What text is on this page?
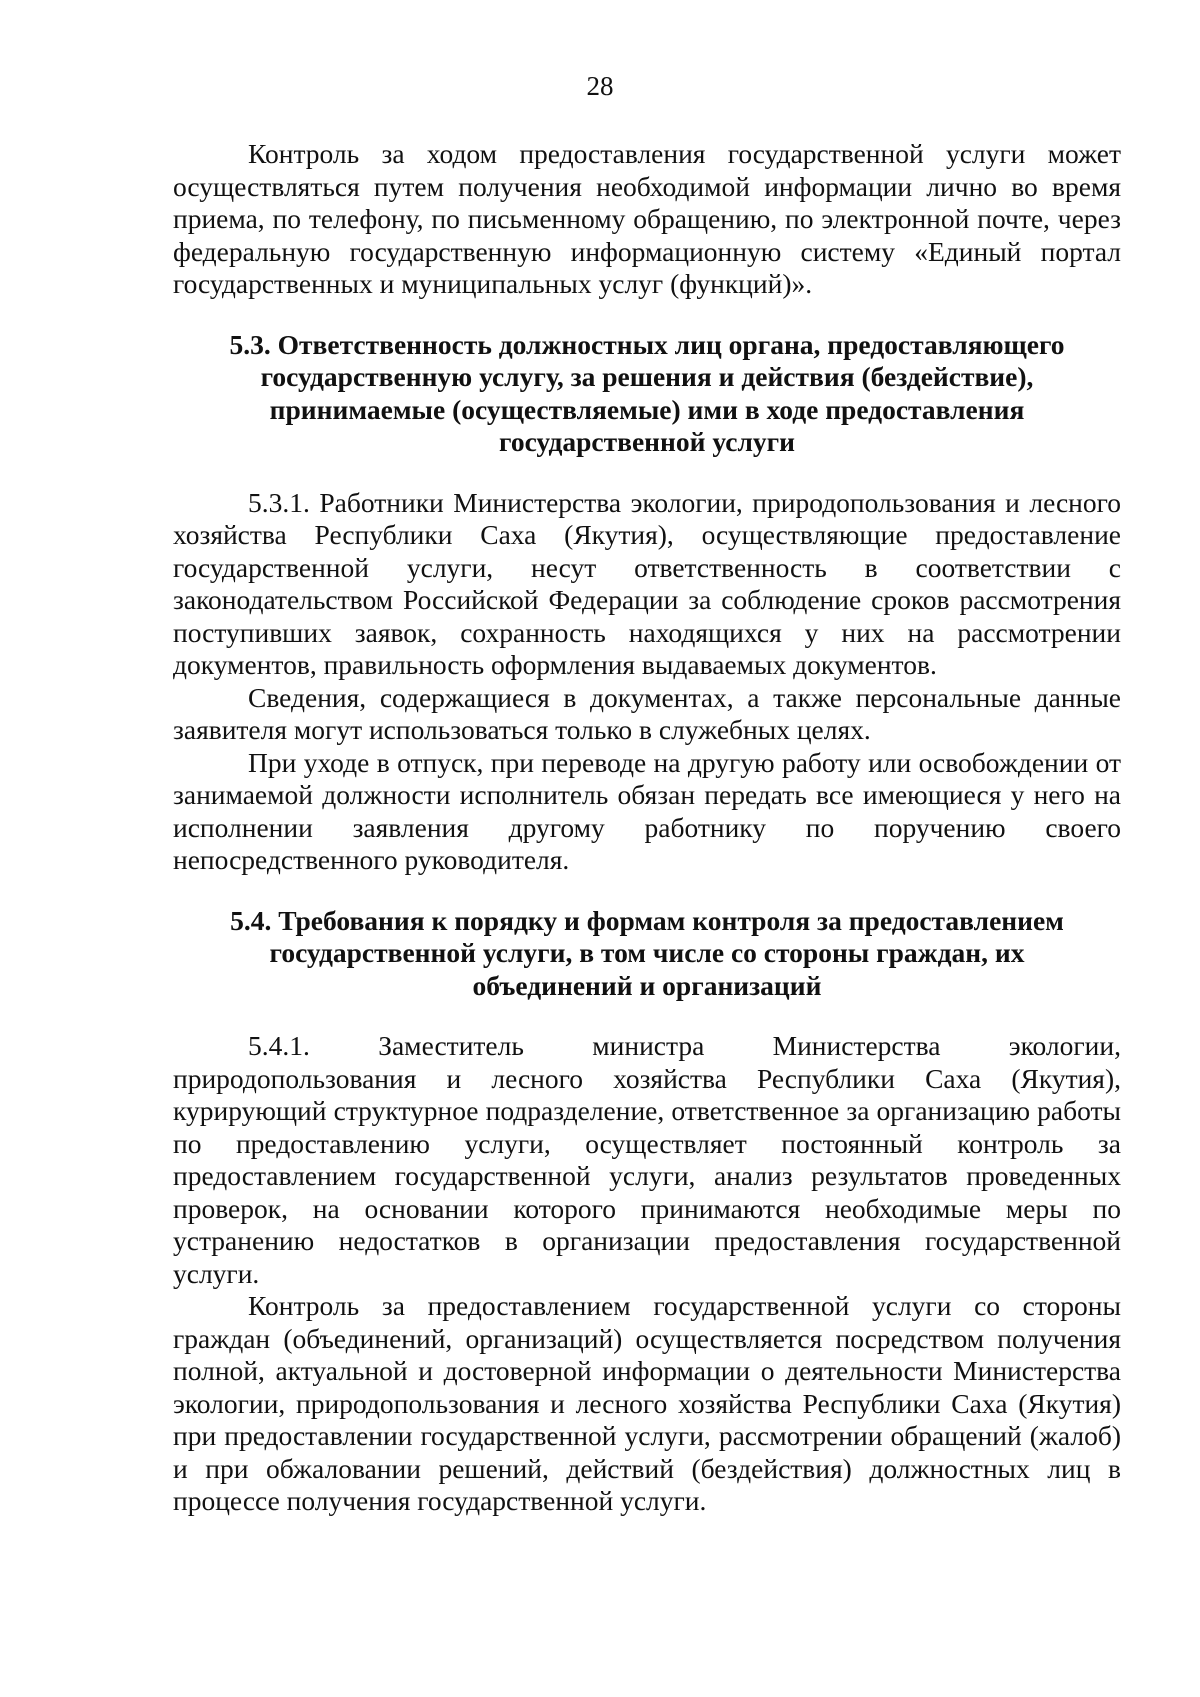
28

Контроль за ходом предоставления государственной услуги может осуществляться путем получения необходимой информации лично во время приема, по телефону, по письменному обращению, по электронной почте, через федеральную государственную информационную систему «Единый портал государственных и муниципальных услуг (функций)».

5.3. Ответственность должностных лиц органа, предоставляющего государственную услугу, за решения и действия (бездействие), принимаемые (осуществляемые) ими в ходе предоставления государственной услуги

5.3.1. Работники Министерства экологии, природопользования и лесного хозяйства Республики Саха (Якутия), осуществляющие предоставление государственной услуги, несут ответственность в соответствии с законодательством Российской Федерации за соблюдение сроков рассмотрения поступивших заявок, сохранность находящихся у них на рассмотрении документов, правильность оформления выдаваемых документов.

Сведения, содержащиеся в документах, а также персональные данные заявителя могут использоваться только в служебных целях.

При уходе в отпуск, при переводе на другую работу или освобождении от занимаемой должности исполнитель обязан передать все имеющиеся у него на исполнении заявления другому работнику по поручению своего непосредственного руководителя.

5.4. Требования к порядку и формам контроля за предоставлением государственной услуги, в том числе со стороны граждан, их объединений и организаций

5.4.1. Заместитель министра Министерства экологии, природопользования и лесного хозяйства Республики Саха (Якутия), курирующий структурное подразделение, ответственное за организацию работы по предоставлению услуги, осуществляет постоянный контроль за предоставлением государственной услуги, анализ результатов проведенных проверок, на основании которого принимаются необходимые меры по устранению недостатков в организации предоставления государственной услуги.

Контроль за предоставлением государственной услуги со стороны граждан (объединений, организаций) осуществляется посредством получения полной, актуальной и достоверной информации о деятельности Министерства экологии, природопользования и лесного хозяйства Республики Саха (Якутия) при предоставлении государственной услуги, рассмотрении обращений (жалоб) и при обжаловании решений, действий (бездействия) должностных лиц в процессе получения государственной услуги.
